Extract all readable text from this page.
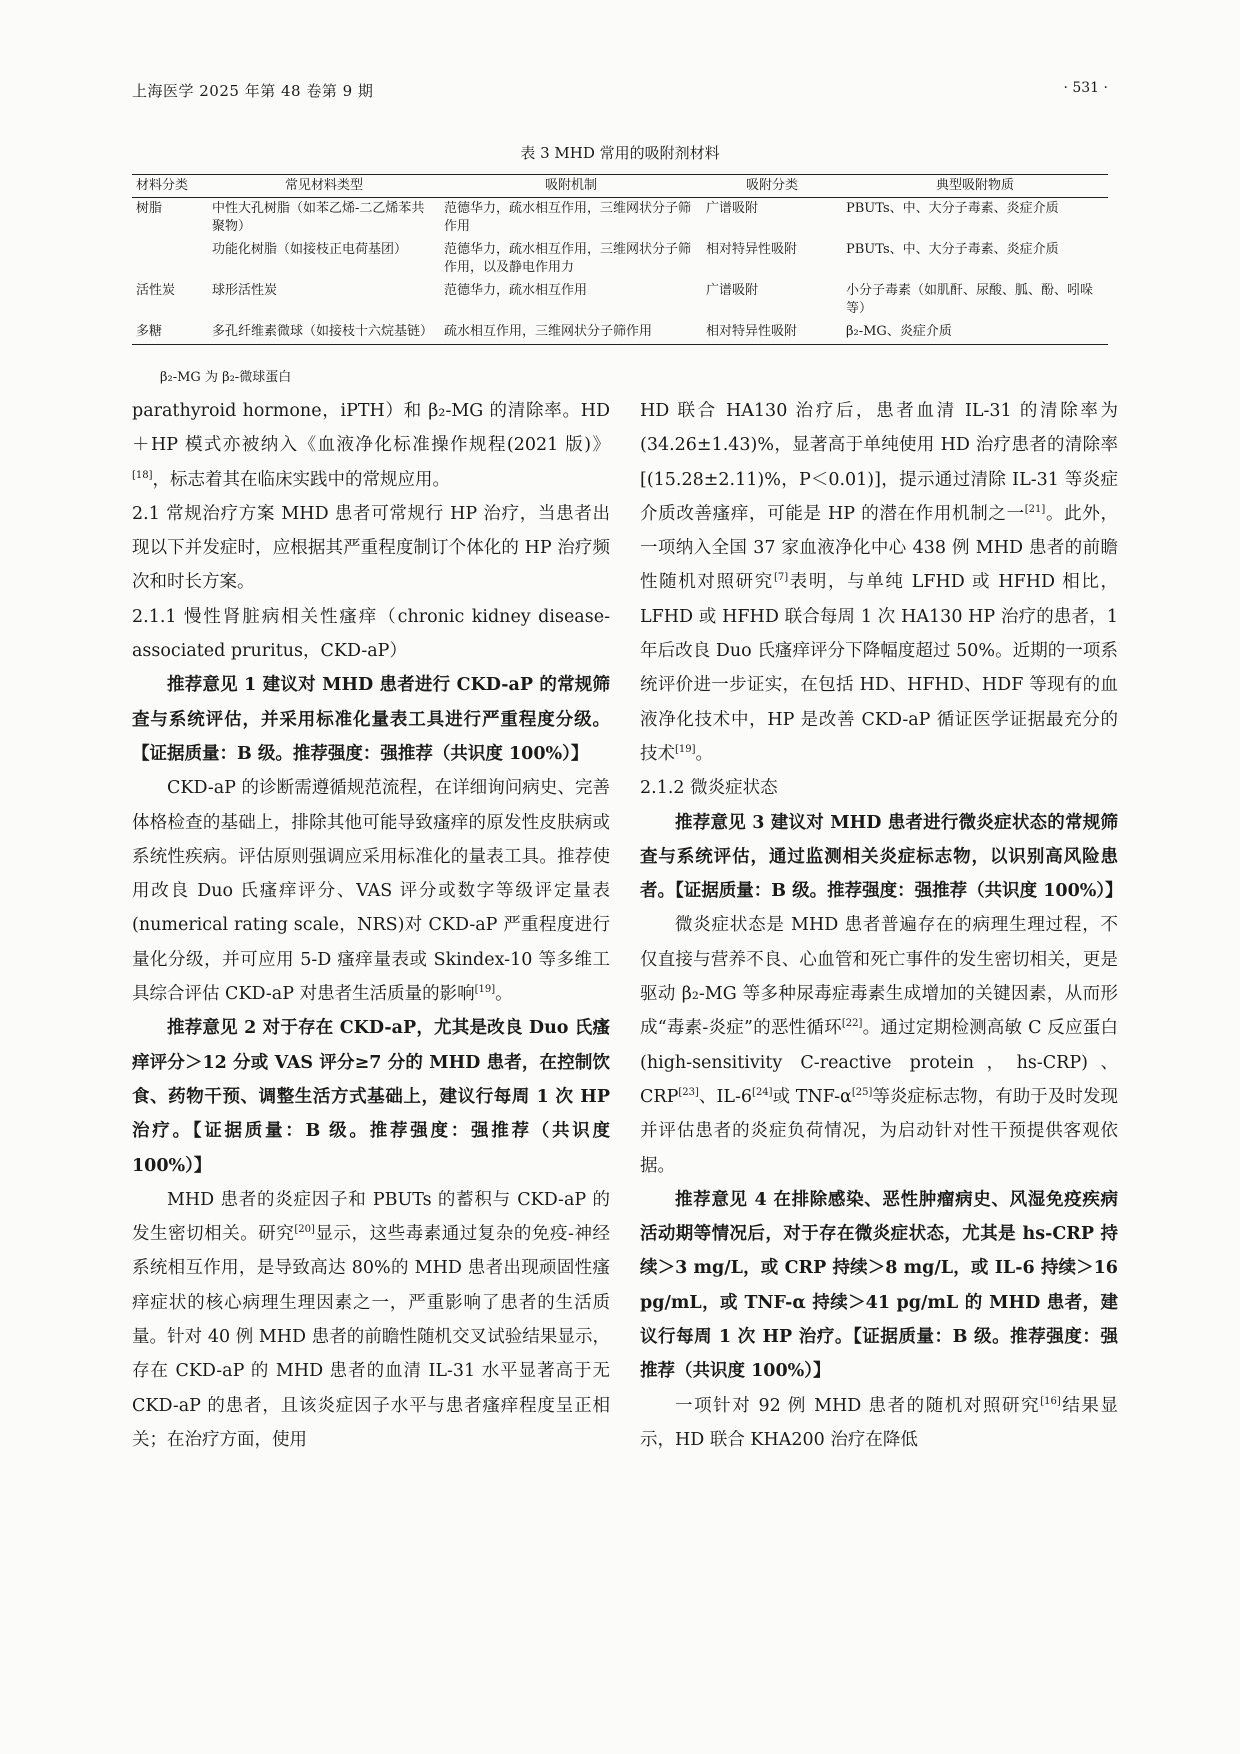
上海医学 2025 年第 48 卷第 9 期	· 531 ·
表 3 MHD 常用的吸附剂材料
材料分类	常见材料类型	吸附机制	吸附分类	典型吸附物质
树脂	中性大孔树脂（如苯乙烯-二乙烯苯共聚物）	范德华力，疏水相互作用，三维网状分子筛作用	广谱吸附	PBUTs、中、大分子毒素、炎症介质
	功能化树脂（如接枝正电荷基团）	范德华力，疏水相互作用，三维网状分子筛作用，以及静电作用力	相对特异性吸附	PBUTs、中、大分子毒素、炎症介质
活性炭	球形活性炭	范德华力，疏水相互作用	广谱吸附	小分子毒素（如肌酐、尿酸、胍、酚、吲哚等）
多糖	多孔纤维素微球（如接枝十六烷基链）	疏水相互作用，三维网状分子筛作用	相对特异性吸附	β₂-MG、炎症介质
β₂-MG 为 β₂-微球蛋白

parathyroid hormone，iPTH）和 β₂-MG 的清除率。HD＋HP 模式亦被纳入《血液净化标准操作规程(2021 版)》[18]，标志着其在临床实践中的常规应用。

2.1 常规治疗方案 MHD 患者可常规行 HP 治疗，当患者出现以下并发症时，应根据其严重程度制订个体化的 HP 治疗频次和时长方案。

2.1.1 慢性肾脏病相关性瘙痒（chronic kidney disease-associated pruritus，CKD-aP）

推荐意见 1 建议对 MHD 患者进行 CKD-aP 的常规筛查与系统评估，并采用标准化量表工具进行严重程度分级。【证据质量：B 级。推荐强度：强推荐（共识度 100%）】

CKD-aP 的诊断需遵循规范流程，在详细询问病史、完善体格检查的基础上，排除其他可能导致瘙痒的原发性皮肤病或系统性疾病。评估原则强调应采用标准化的量表工具。推荐使用改良 Duo 氏瘙痒评分、VAS 评分或数字等级评定量表(numerical rating scale，NRS)对 CKD-aP 严重程度进行量化分级，并可应用 5-D 瘙痒量表或 Skindex-10 等多维工具综合评估 CKD-aP 对患者生活质量的影响[19]。

推荐意见 2 对于存在 CKD-aP，尤其是改良 Duo 氏瘙痒评分＞12 分或 VAS 评分≥7 分的 MHD 患者，在控制饮食、药物干预、调整生活方式基础上，建议行每周 1 次 HP 治疗。【证据质量：B 级。推荐强度：强推荐（共识度 100%）】

MHD 患者的炎症因子和 PBUTs 的蓄积与 CKD-aP 的发生密切相关。研究[20]显示，这些毒素通过复杂的免疫-神经系统相互作用，是导致高达 80%的 MHD 患者出现顽固性瘙痒症状的核心病理生理因素之一，严重影响了患者的生活质量。针对 40 例 MHD 患者的前瞻性随机交叉试验结果显示，存在 CKD-aP 的 MHD 患者的血清 IL-31 水平显著高于无 CKD-aP 的患者，且该炎症因子水平与患者瘙痒程度呈正相关；在治疗方面，使用

HD 联合 HA130 治疗后，患者血清 IL-31 的清除率为(34.26±1.43)%，显著高于单纯使用 HD 治疗患者的清除率[(15.28±2.11)%，P＜0.01)]，提示通过清除 IL-31 等炎症介质改善瘙痒，可能是 HP 的潜在作用机制之一[21]。此外，一项纳入全国 37 家血液净化中心 438 例 MHD 患者的前瞻性随机对照研究[7]表明，与单纯 LFHD 或 HFHD 相比，LFHD 或 HFHD 联合每周 1 次 HA130 HP 治疗的患者，1 年后改良 Duo 氏瘙痒评分下降幅度超过 50%。近期的一项系统评价进一步证实，在包括 HD、HFHD、HDF 等现有的血液净化技术中，HP 是改善 CKD-aP 循证医学证据最充分的技术[19]。

2.1.2 微炎症状态

推荐意见 3 建议对 MHD 患者进行微炎症状态的常规筛查与系统评估，通过监测相关炎症标志物，以识别高风险患者。【证据质量：B 级。推荐强度：强推荐（共识度 100%）】

微炎症状态是 MHD 患者普遍存在的病理生理过程，不仅直接与营养不良、心血管和死亡事件的发生密切相关，更是驱动 β₂-MG 等多种尿毒症毒素生成增加的关键因素，从而形成“毒素-炎症”的恶性循环[22]。通过定期检测高敏 C 反应蛋白(high-sensitivity C-reactive protein，hs-CRP)、CRP[23]、IL-6[24]或 TNF-α[25]等炎症标志物，有助于及时发现并评估患者的炎症负荷情况，为启动针对性干预提供客观依据。

推荐意见 4 在排除感染、恶性肿瘤病史、风湿免疫疾病活动期等情况后，对于存在微炎症状态，尤其是 hs-CRP 持续＞3 mg/L，或 CRP 持续＞8 mg/L，或 IL-6 持续＞16 pg/mL，或 TNF-α 持续＞41 pg/mL 的 MHD 患者，建议行每周 1 次 HP 治疗。【证据质量：B 级。推荐强度：强推荐（共识度 100%）】

一项针对 92 例 MHD 患者的随机对照研究[16]结果显示，HD 联合 KHA200 治疗在降低
